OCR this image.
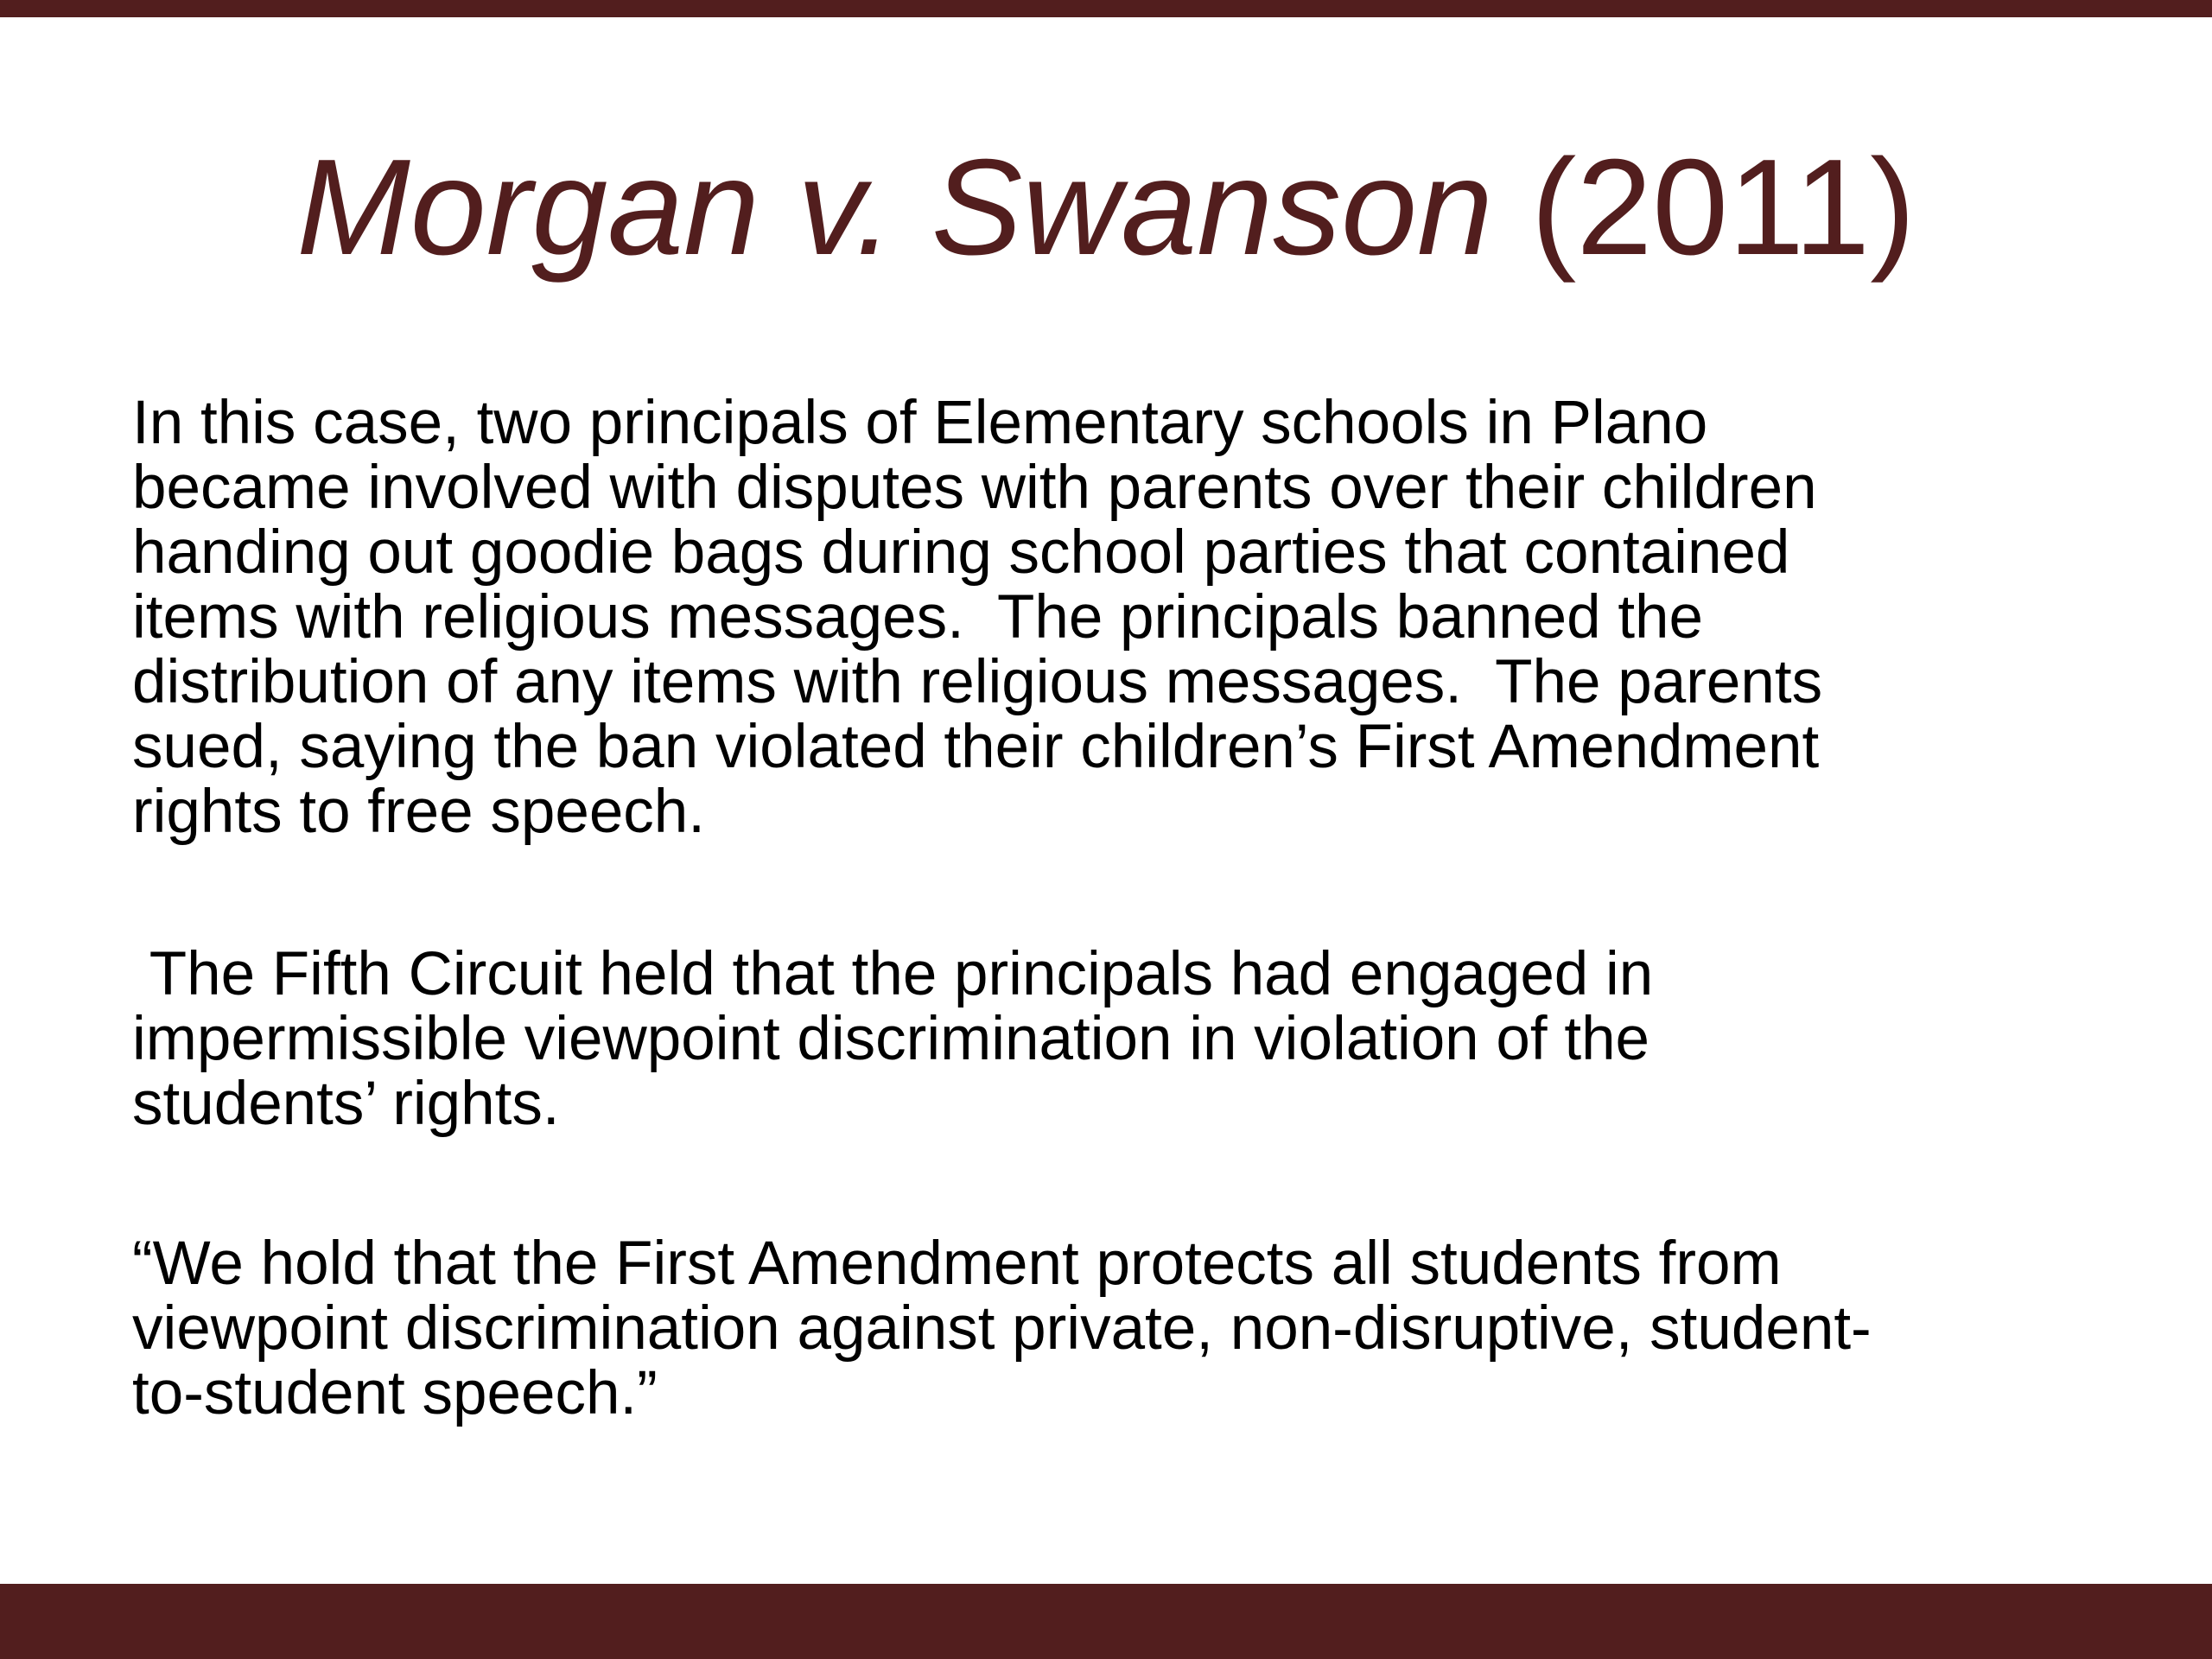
Morgan v. Swanson (2011)

In this case, two principals of Elementary schools in Plano
became involved with disputes with parents over their children
handing out goodie bags during school parties that contained
items with religious messages.  The principals banned the
distribution of any items with religious messages.  The parents
sued, saying the ban violated their children’s First Amendment
rights to free speech.

The Fifth Circuit held that the principals had engaged in
impermissible viewpoint discrimination in violation of the
students’ rights.

“We hold that the First Amendment protects all students from
viewpoint discrimination against private, non-disruptive, student-
to-student speech.”
